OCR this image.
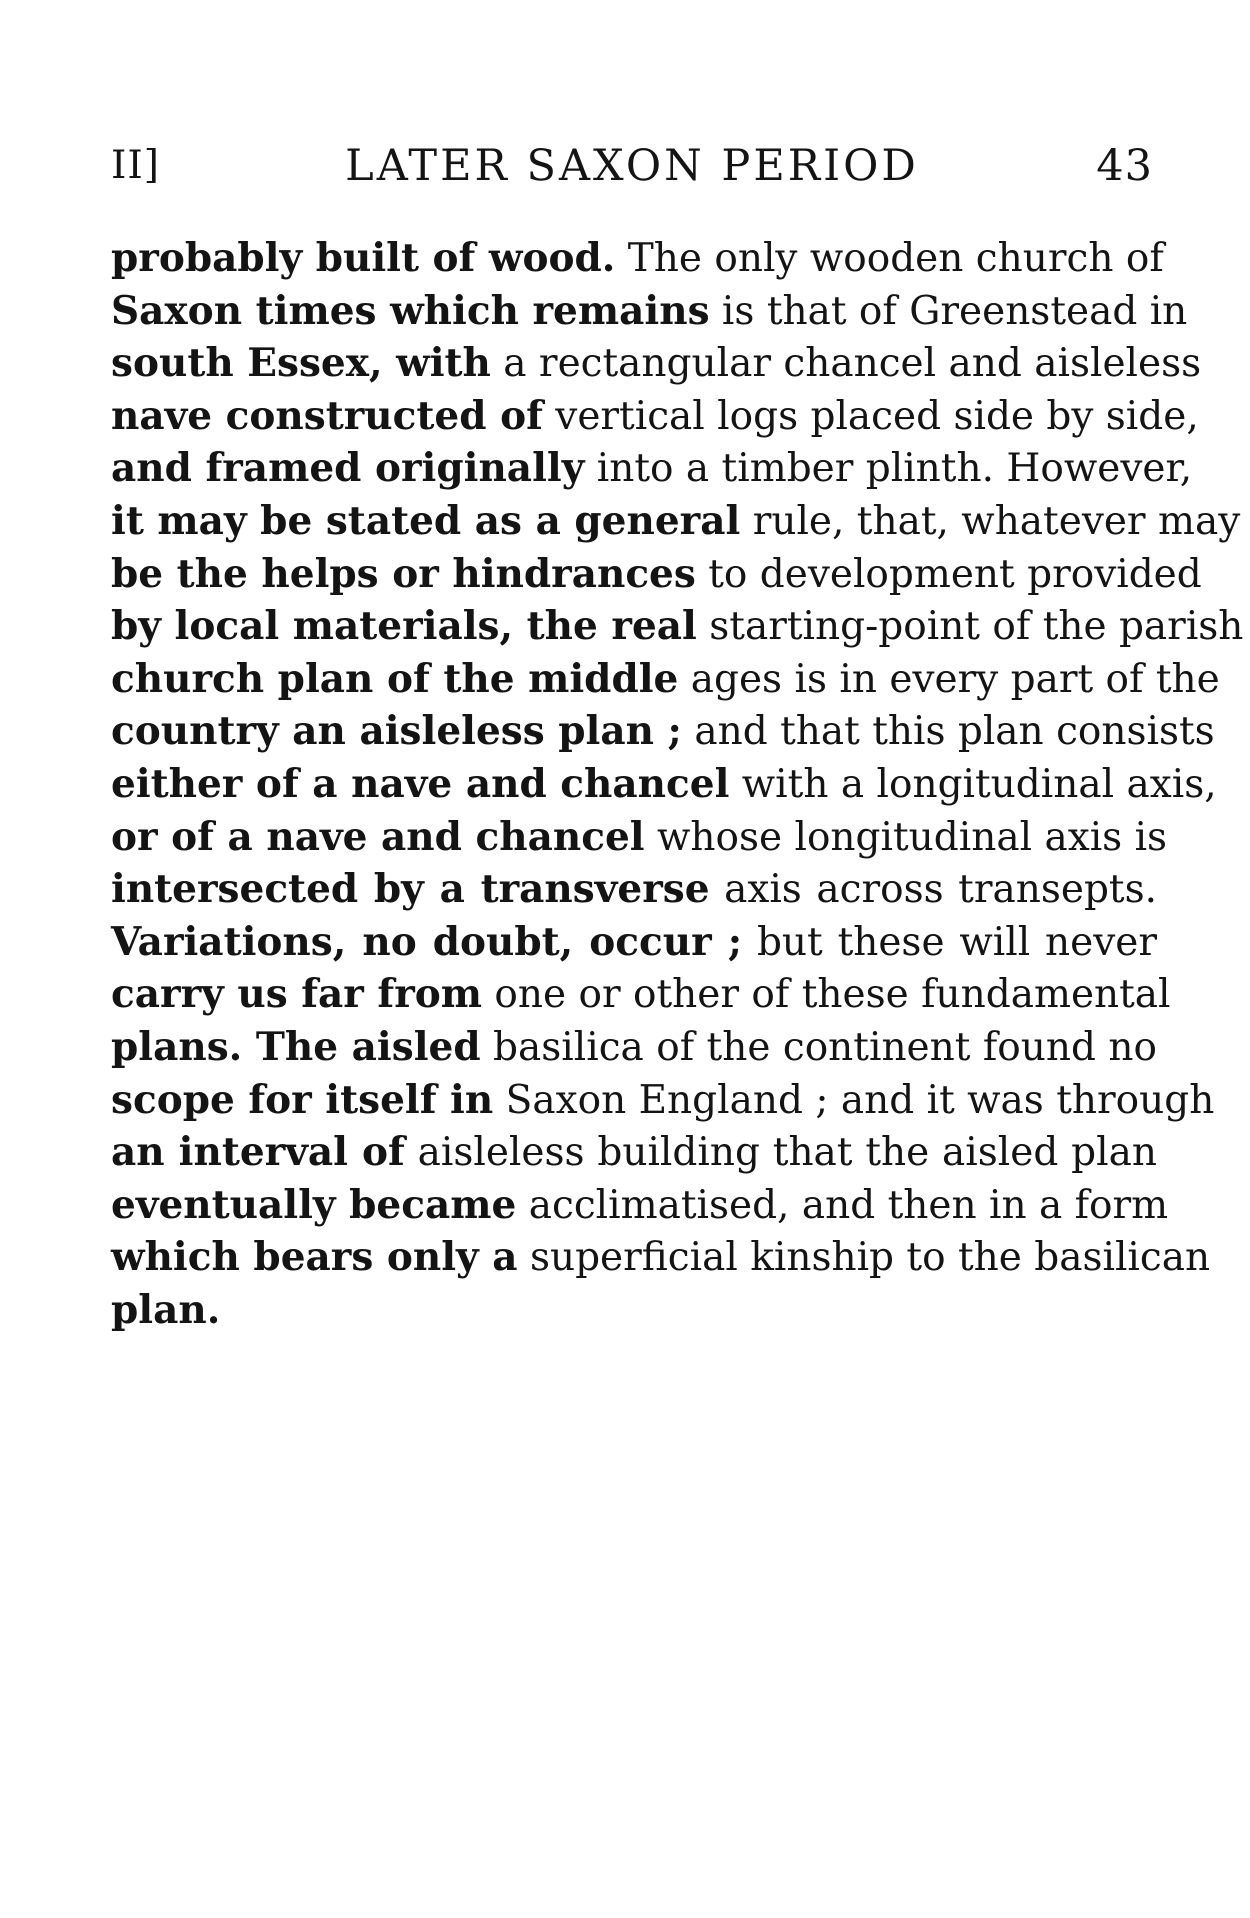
II]	LATER SAXON PERIOD	43
probably built of wood. The only wooden church of
Saxon times which remains is that of Greenstead in
south Essex, with a rectangular chancel and aisleless
nave constructed of vertical logs placed side by side,
and framed originally into a timber plinth. However,
it may be stated as a general rule, that, whatever may
be the helps or hindrances to development provided
by local materials, the real starting-point of the parish
church plan of the middle ages is in every part of the
country an aisleless plan ; and that this plan consists
either of a nave and chancel with a longitudinal axis,
or of a nave and chancel whose longitudinal axis is
intersected by a transverse axis across transepts.
Variations, no doubt, occur ; but these will never
carry us far from one or other of these fundamental
plans. The aisled basilica of the continent found no
scope for itself in Saxon England ; and it was through
an interval of aisleless building that the aisled plan
eventually became acclimatised, and then in a form
which bears only a superficial kinship to the basilican
plan.
